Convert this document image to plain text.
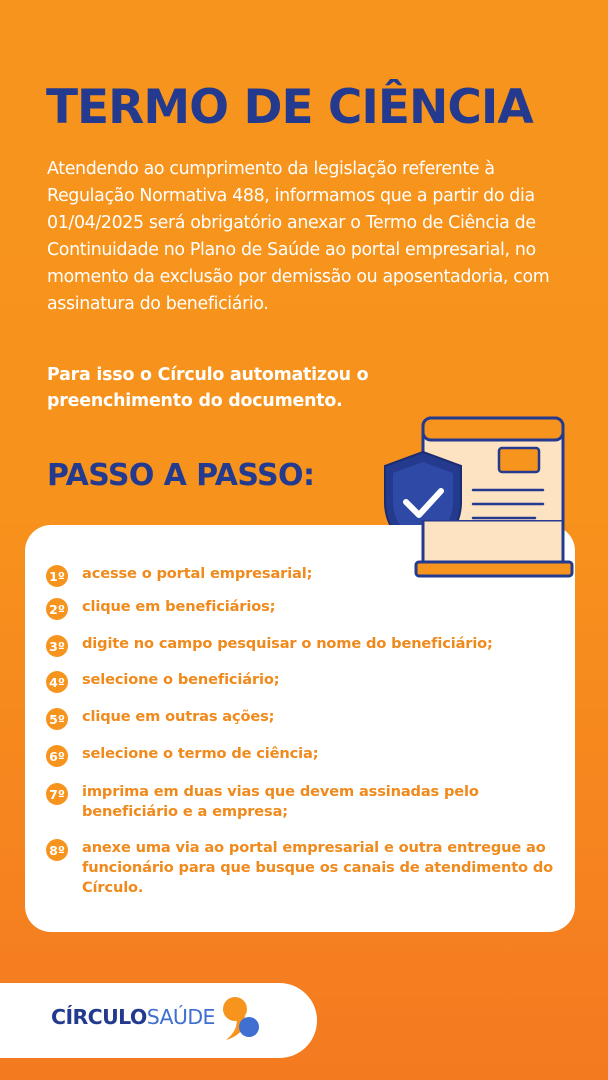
TERMO DE CIÊNCIA

Atendendo ao cumprimento da legislação referente à Regulação Normativa 488, informamos que a partir do dia 01/04/2025 será obrigatório anexar o Termo de Ciência de Continuidade no Plano de Saúde ao portal empresarial, no momento da exclusão por demissão ou aposentadoria, com assinatura do beneficiário.

Para isso o Círculo automatizou o preenchimento do documento.

PASSO A PASSO:
1º acesse o portal empresarial;
2º clique em beneficiários;
3º digite no campo pesquisar o nome do beneficiário;
4º selecione o beneficiário;
5º clique em outras ações;
6º selecione o termo de ciência;
7º imprima em duas vias que devem assinadas pelo beneficiário e a empresa;
8º anexe uma via ao portal empresarial e outra entregue ao funcionário para que busque os canais de atendimento do Círculo.
CÍRCULOSAÚDE
